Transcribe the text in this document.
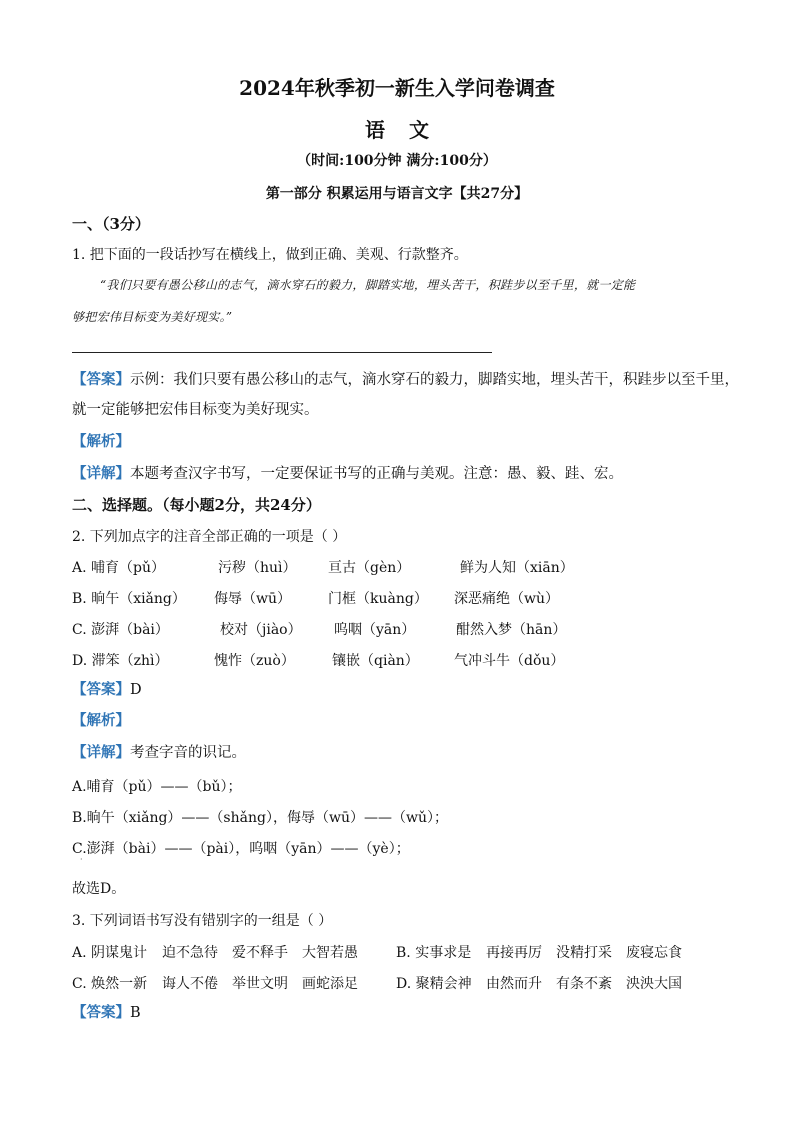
2024年秋季初一新生入学问卷调查
语文
（时间:100分钟 满分:100分）
第一部分 积累运用与语言文字【共27分】
一、（3分）
1. 把下面的一段话抄写在横线上，做到正确、美观、行款整齐。
“我们只要有愚公移山的志气，滴水穿石的毅力，脚踏实地，埋头苦干，积跬步以至千里，就一定能
够把宏伟目标变为美好现实。”
【答案】示例：我们只要有愚公移山的志气，滴水穿石的毅力，脚踏实地，埋头苦干，积跬步以至千里，
就一定能够把宏伟目标变为美好现实。
【解析】
【详解】本题考查汉字书写，一定要保证书写的正确与美观。注意：愚、毅、跬、宏。
二、选择题。（每小题2分，共24分）
2. 下列加点字的注音全部正确的一项是（ ）
A. 哺育（pǔ）	污秽（huì） 亘古（gèn）	鲜为人知（xiān）
B. 晌午（xiǎng） 侮辱（wū）	门框（kuàng） 深恶痛绝（wù）
C. 澎湃（bài）	校对（jiào） 呜咽（yān）	酣然入梦（hān）
D. 滞笨（zhì）	愧怍（zuò）	镶嵌（qiàn）	气冲斗牛（dǒu）
【答案】D
【解析】
【详解】考查字音的识记。
A.哺育（pǔ）——（bǔ）；
B.晌午（xiǎng）——（shǎng），侮辱（wū）——（wǔ）；
C.澎湃（bài）——（pài），呜咽（yān）——（yè）；
·
故选D。
3. 下列词语书写没有错别字的一组是（ ）
A. 阴谋鬼计 迫不急待 爱不释手 大智若愚	B. 实事求是 再接再厉 没精打采 废寝忘食
C. 焕然一新 诲人不倦 举世文明 画蛇添足	D. 聚精会神 由然而升 有条不紊 泱泱大国
【答案】B
